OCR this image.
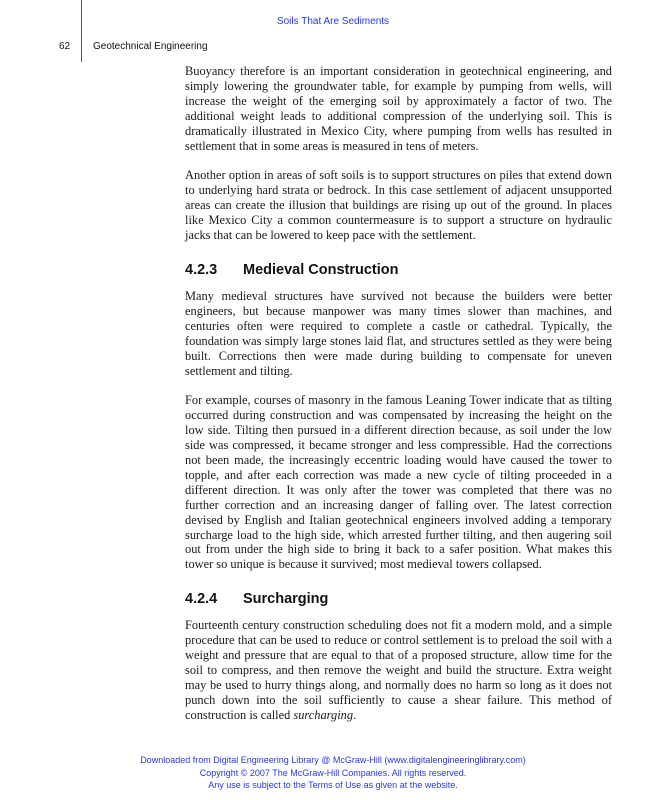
Soils That Are Sediments
62 Geotechnical Engineering

Buoyancy therefore is an important consideration in geotechnical engineering, and simply lowering the groundwater table, for example by pumping from wells, will increase the weight of the emerging soil by approximately a factor of two. The additional weight leads to additional compression of the underlying soil. This is dramatically illustrated in Mexico City, where pumping from wells has resulted in settlement that in some areas is measured in tens of meters.

Another option in areas of soft soils is to support structures on piles that extend down to underlying hard strata or bedrock. In this case settlement of adjacent unsupported areas can create the illusion that buildings are rising up out of the ground. In places like Mexico City a common countermeasure is to support a structure on hydraulic jacks that can be lowered to keep pace with the settlement.

4.2.3 Medieval Construction

Many medieval structures have survived not because the builders were better engineers, but because manpower was many times slower than machines, and centuries often were required to complete a castle or cathedral. Typically, the foundation was simply large stones laid flat, and structures settled as they were being built. Corrections then were made during building to compensate for uneven settlement and tilting.

For example, courses of masonry in the famous Leaning Tower indicate that as tilting occurred during construction and was compensated by increasing the height on the low side. Tilting then pursued in a different direction because, as soil under the low side was compressed, it became stronger and less compressible. Had the corrections not been made, the increasingly eccentric loading would have caused the tower to topple, and after each correction was made a new cycle of tilting proceeded in a different direction. It was only after the tower was completed that there was no further correction and an increasing danger of falling over. The latest correction devised by English and Italian geotechnical engineers involved adding a temporary surcharge load to the high side, which arrested further tilting, and then augering soil out from under the high side to bring it back to a safer position. What makes this tower so unique is because it survived; most medieval towers collapsed.

4.2.4 Surcharging

Fourteenth century construction scheduling does not fit a modern mold, and a simple procedure that can be used to reduce or control settlement is to preload the soil with a weight and pressure that are equal to that of a proposed structure, allow time for the soil to compress, and then remove the weight and build the structure. Extra weight may be used to hurry things along, and normally does no harm so long as it does not punch down into the soil sufficiently to cause a shear failure. This method of construction is called surcharging.

Downloaded from Digital Engineering Library @ McGraw-Hill (www.digitalengineeringlibrary.com)
Copyright © 2007 The McGraw-Hill Companies. All rights reserved.
Any use is subject to the Terms of Use as given at the website.
